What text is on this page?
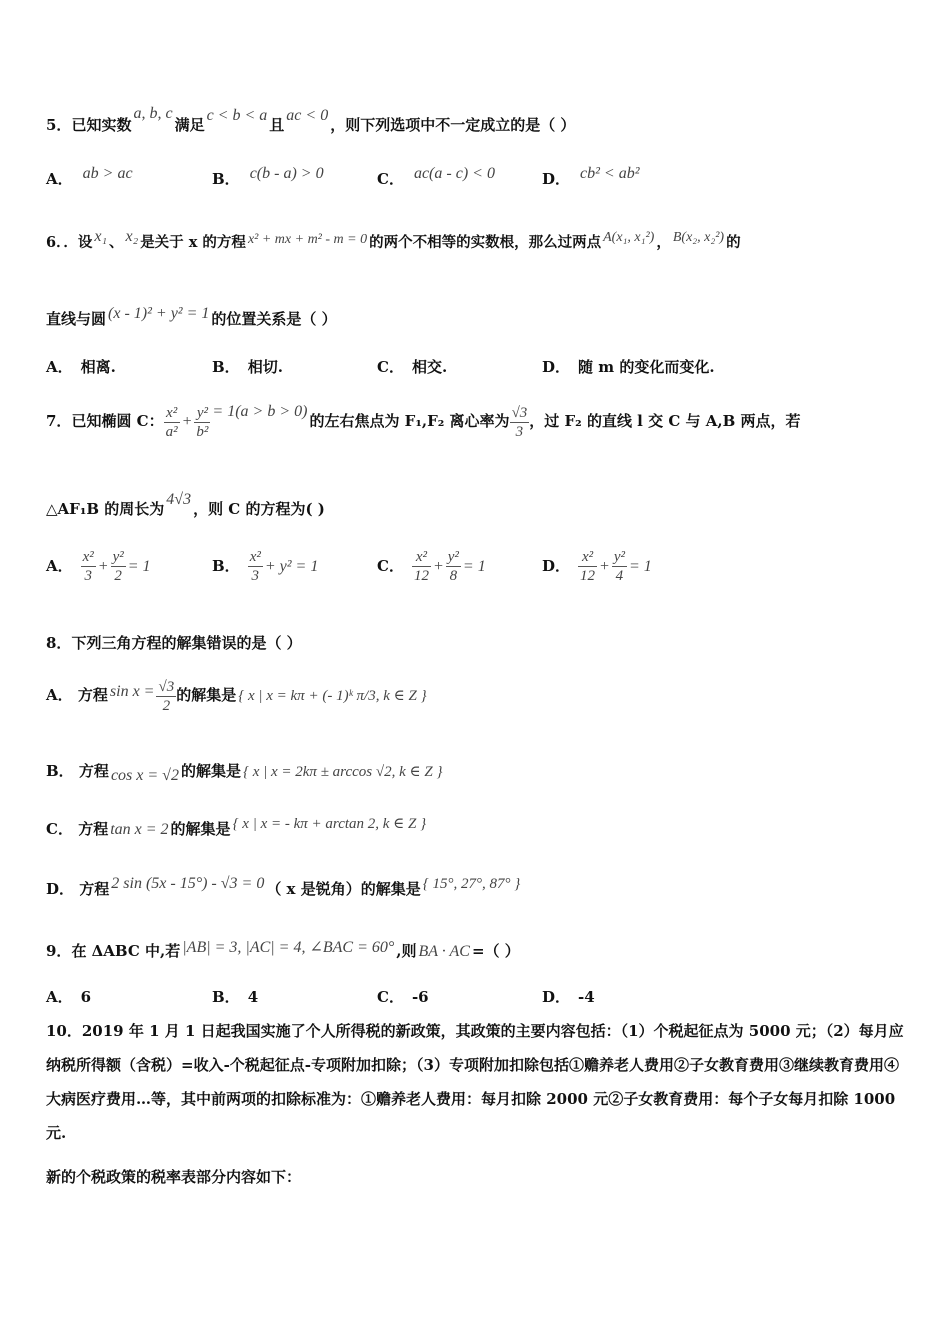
5．已知实数a, b, c满足c < b < a且ac < 0，则下列选项中不一定成立的是（ ）
A． ab > ac	B． c(b - a) > 0	C． ac(a - c) < 0	D． cb² < ab²
6．．设 x₁ 、 x₂ 是关于 x 的方程 x² + mx + m² - m = 0 的两个不相等的实数根，那么过两点 A(x₁, x₁²) ， B(x₂, x₂²) 的
直线与圆 (x - 1)² + y² = 1 的位置关系是（ ）
A． 相离.	B． 相切.	C． 相交.	D． 随 m 的变化而变化.
7．已知椭圆 C： $\frac{\text{x²}}{\text{a²}} + \frac{\text{y²}}{\text{b²}} = 1(a > b > 0)$的左右焦点为 F₁,F₂ 离心率为 $\frac{√3}{3}$ ，过 F₂ 的直线 l 交 C 与 A,B 两点，若
△AF₁B 的周长为4√3，则 C 的方程为( )
A． $\frac{\text{x²}}{3} + \frac{\text{y²}}{2} = 1$	B． $\frac{\text{x²}}{3} + y^2 = 1$	C． $\frac{\text{x²}}{12} + \frac{\text{y²}}{8} = 1$	D． $\frac{\text{x²}}{12} + \frac{\text{y²}}{4} = 1$
8．下列三角方程的解集错误的是（ ）
A． 方程 $\sin x = \frac{√3}{2}$ 的解集是 { x | x = kπ + (- 1)ᵏ π/3, k ∈ Z }
B． 方程 cos x = √2 的解集是 { x | x = 2kπ ± arccos √2, k ∈ Z }
C． 方程 tan x = 2 的解集是 { x | x = - kπ + arctan 2, k ∈ Z }
D． 方程 2 sin (5x - 15°) - √3 = 0 （ x 是锐角）的解集是 { 15°, 27°, 87° }
9．在 ΔABC 中,若 |AB| = 3, |AC| = 4, ∠BAC = 60° ,则 BA · AC =（ ）
A． 6	B． 4	C． -6	D． -4
10．2019 年 1 月 1 日起我国实施了个人所得税的新政策，其政策的主要内容包括：（1）个税起征点为 5000 元；（2）每月应纳税所得额（含税）=收入-个税起征点-专项附加扣除；（3）专项附加扣除包括①赡养老人费用②子女教育费用③继续教育费用④大病医疗费用…等，其中前两项的扣除标准为：①赡养老人费用：每月扣除 2000 元②子女教育费用：每个子女每月扣除 1000 元.
新的个税政策的税率表部分内容如下：
